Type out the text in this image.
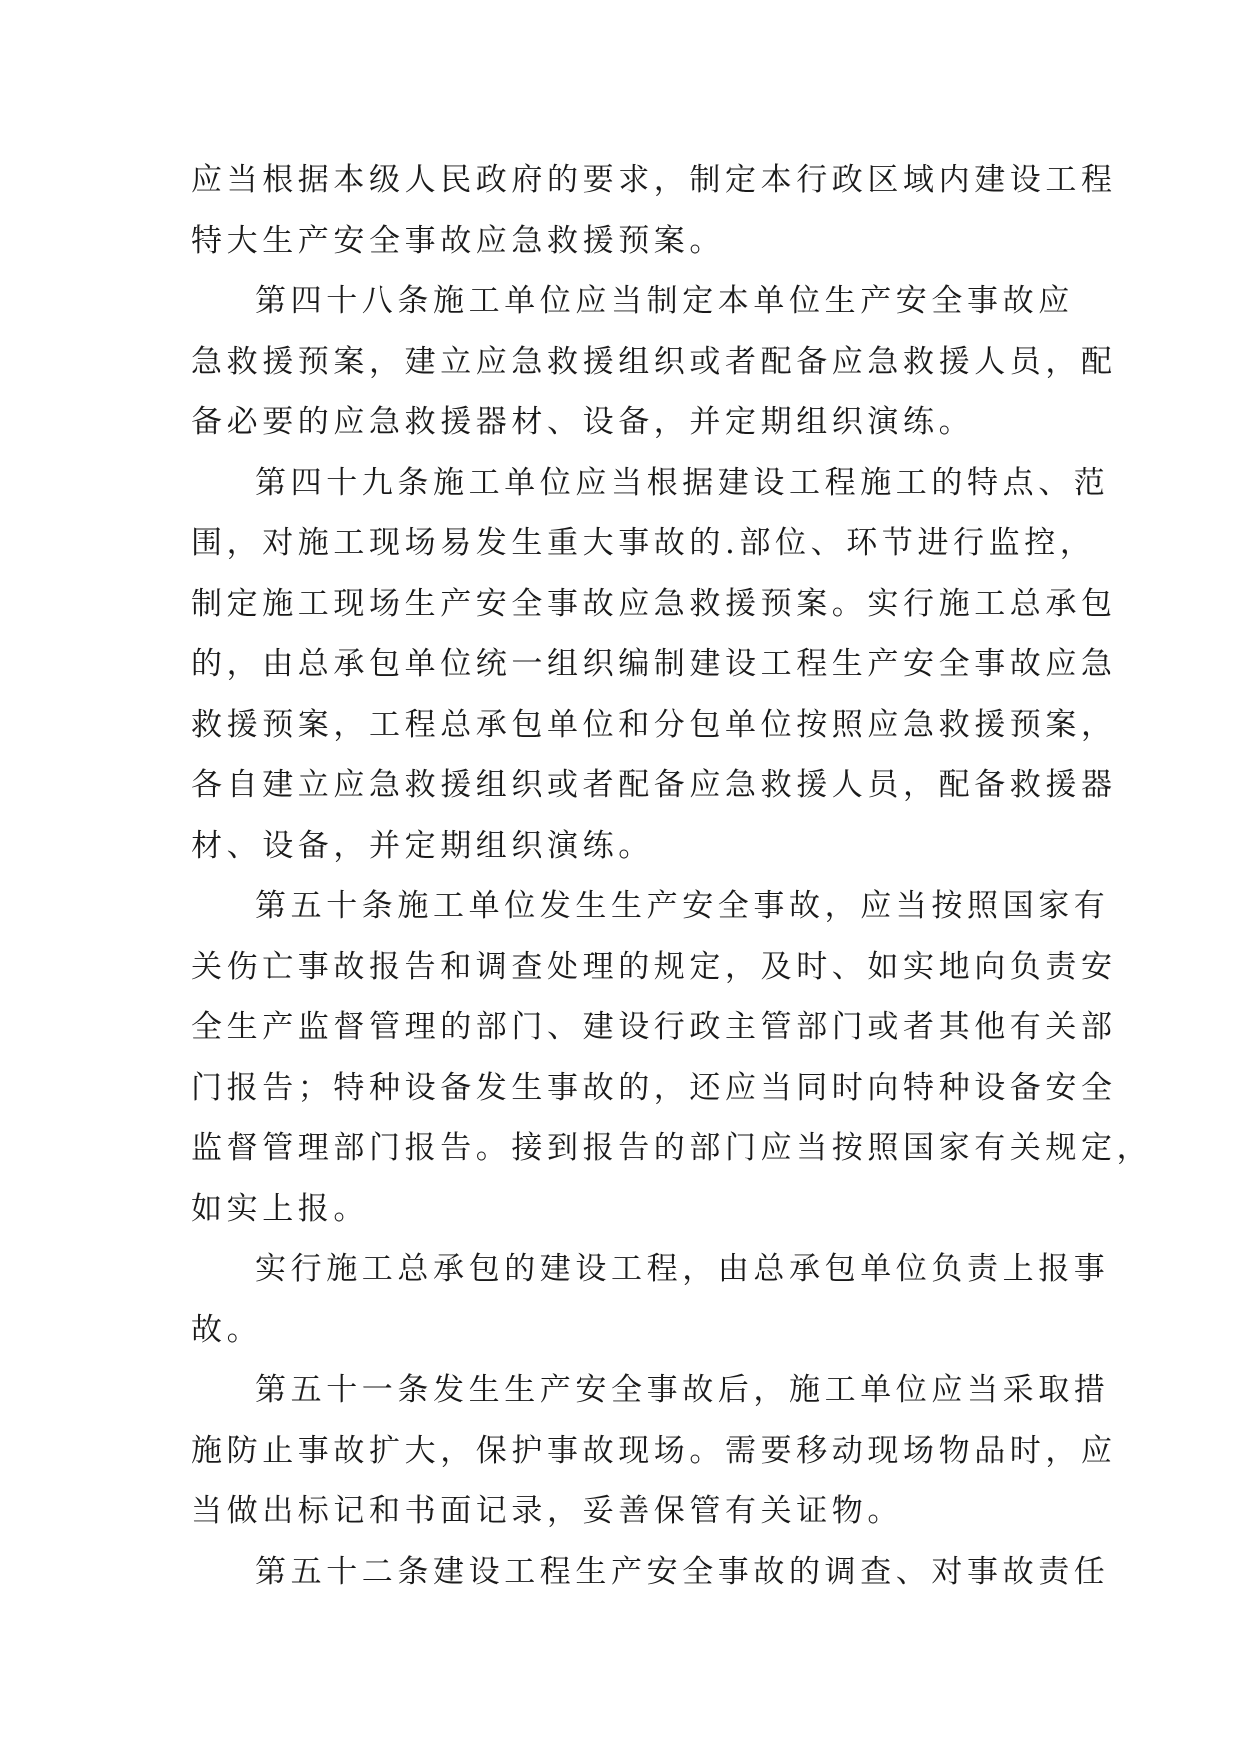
应当根据本级人民政府的要求，制定本行政区域内建设工程
特大生产安全事故应急救援预案。
第四十八条施工单位应当制定本单位生产安全事故应
急救援预案，建立应急救援组织或者配备应急救援人员，配
备必要的应急救援器材、设备，并定期组织演练。
第四十九条施工单位应当根据建设工程施工的特点、范
围，对施工现场易发生重大事故的.部位、环节进行监控，
制定施工现场生产安全事故应急救援预案。实行施工总承包
的，由总承包单位统一组织编制建设工程生产安全事故应急
救援预案，工程总承包单位和分包单位按照应急救援预案，
各自建立应急救援组织或者配备应急救援人员，配备救援器
材、设备，并定期组织演练。
第五十条施工单位发生生产安全事故，应当按照国家有
关伤亡事故报告和调查处理的规定，及时、如实地向负责安
全生产监督管理的部门、建设行政主管部门或者其他有关部
门报告；特种设备发生事故的，还应当同时向特种设备安全
监督管理部门报告。接到报告的部门应当按照国家有关规定，
如实上报。
实行施工总承包的建设工程，由总承包单位负责上报事
故。
第五十一条发生生产安全事故后，施工单位应当采取措
施防止事故扩大，保护事故现场。需要移动现场物品时，应
当做出标记和书面记录，妥善保管有关证物。
第五十二条建设工程生产安全事故的调查、对事故责任
